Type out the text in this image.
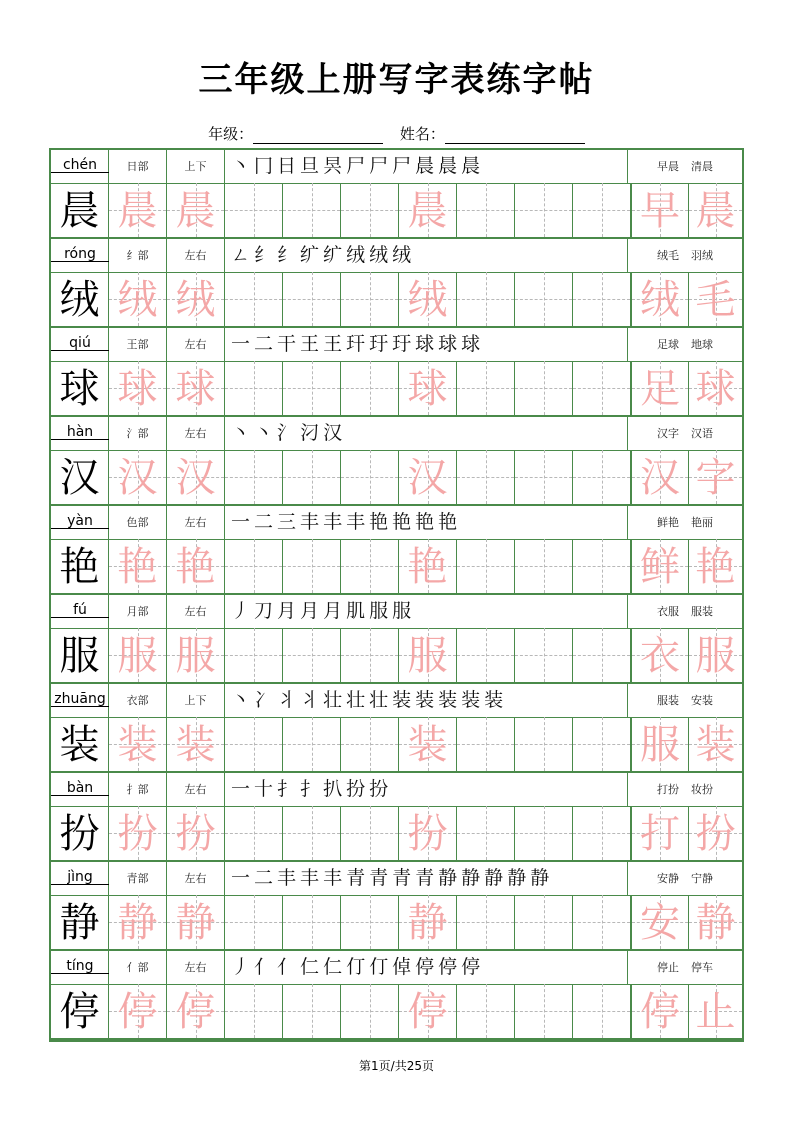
三年级上册写字表练字帖
年级：	姓名：
chén	日部	上下	丶 冂 日 旦 昗 尸 尸 尸 晨 晨 晨	早晨 清晨
晨 晨 晨	晨	早 晨
róng	纟部	左右	ㄥ 纟 纟 纩 纩 绒 绒 绒	绒毛 羽绒
绒 绒 绒	绒	绒 毛
qiú	王部	左右	一 二 干 王 王 玕 玗 玗 球 球 球	足球 地球
球 球 球	球	足 球
hàn	氵部	左右	丶 丶 氵 汈 汉	汉字 汉语
汉 汉 汉	汉	汉 字
yàn	色部	左右	一 二 三 丰 丰 丰 艳 艳 艳 艳	鲜艳 艳丽
艳 艳 艳	艳	鲜 艳
fú	月部	左右	丿 刀 月 月 月 肌 服 服	衣服 服装
服 服 服	服	衣 服
zhuāng	衣部	上下	丶 冫 丬 丬 壮 壮 壮 装 装 装 装 装	服装 安装
装 装 装	装	服 装
bàn	扌部	左右	一 十 扌 扌 扒 扮 扮	打扮 妆扮
扮 扮 扮	扮	打 扮
jìng	青部	左右	一 二 丰 丰 丰 青 青 青 青 静 静 静 静 静	安静 宁静
静 静 静	静	安 静
tíng	亻部	左右	丿 亻 亻 仁 仁 仃 仃 倬 停 停 停	停止 停车
停 停 停	停	停 止
第1页/共25页
